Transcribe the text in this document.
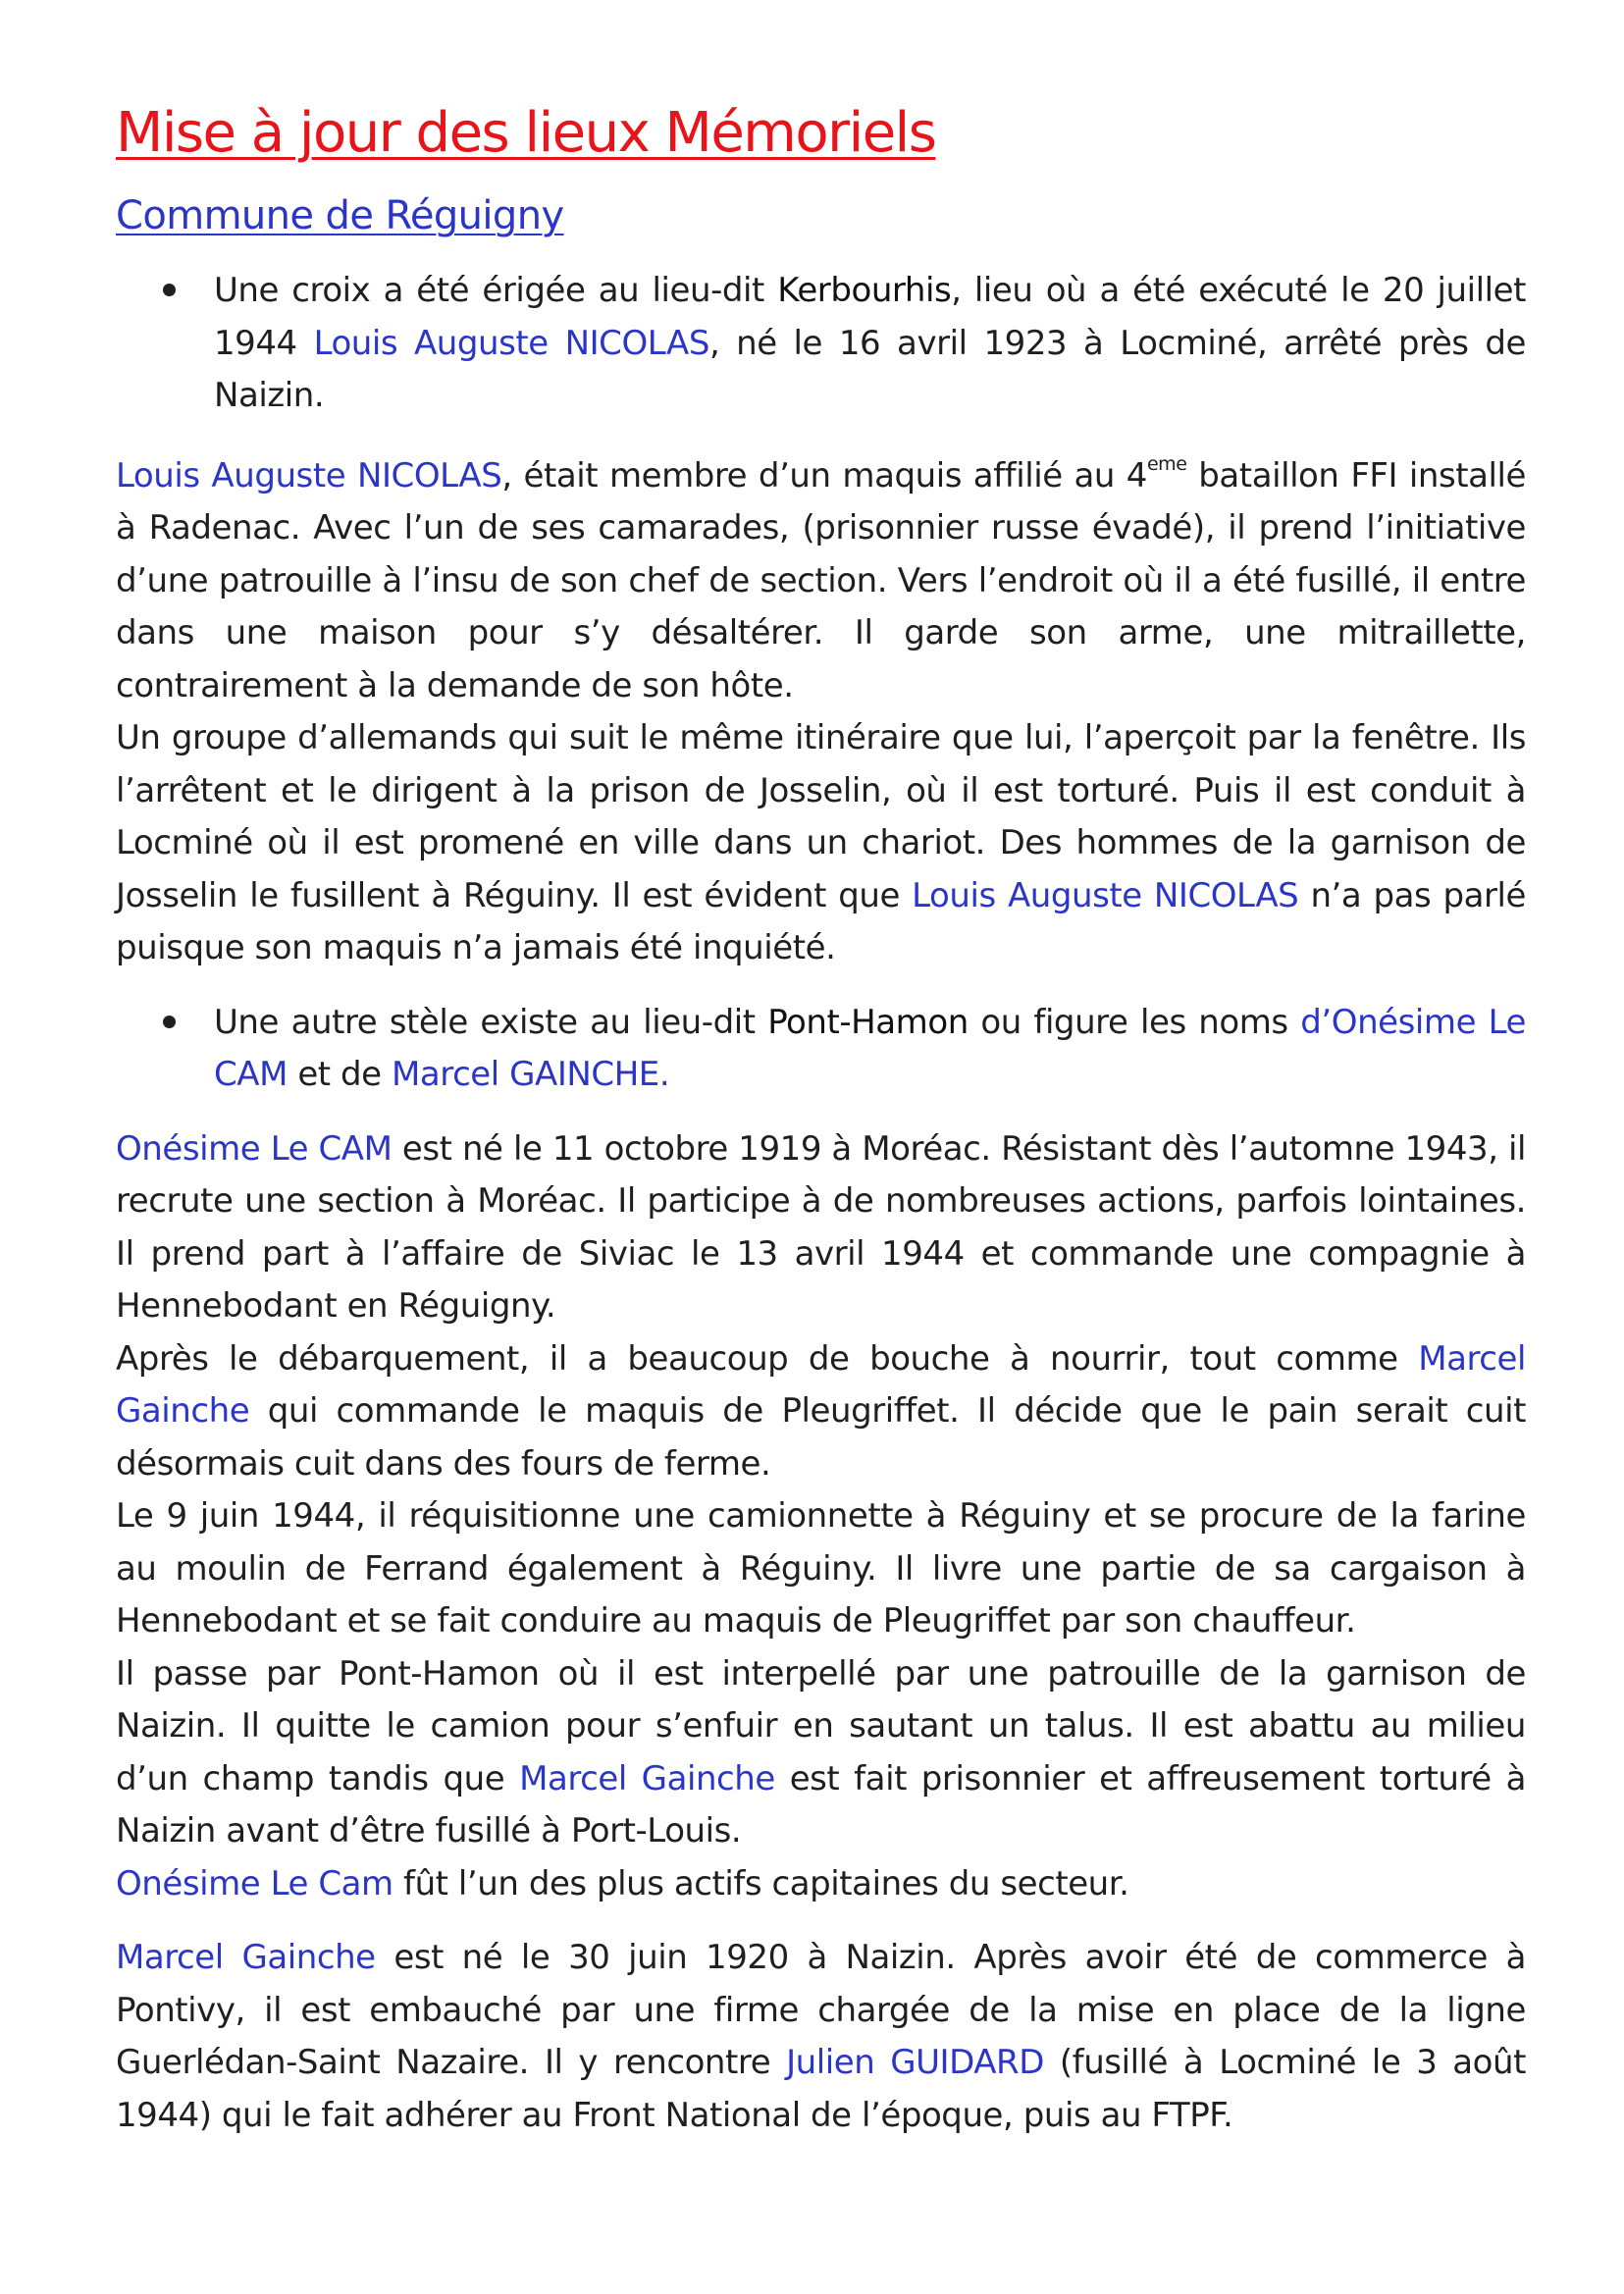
Mise à jour des lieux Mémoriels
Commune de Réguigny
Une croix a été érigée au lieu-dit Kerbourhis, lieu où a été exécuté le 20 juillet 1944 Louis Auguste NICOLAS, né le 16 avril 1923 à Locminé, arrêté près de Naizin.

Louis Auguste NICOLAS, était membre d’un maquis affilié au 4eme bataillon FFI installé à Radenac. Avec l’un de ses camarades, (prisonnier russe évadé), il prend l’initiative d’une patrouille à l’insu de son chef de section. Vers l’endroit où il a été fusillé, il entre dans une maison pour s’y désaltérer. Il garde son arme, une mitraillette, contrairement à la demande de son hôte.

Un groupe d’allemands qui suit le même itinéraire que lui, l’aperçoit par la fenêtre. Ils l’arrêtent et le dirigent à la prison de Josselin, où il est torturé. Puis il est conduit à Locminé où il est promené en ville dans un chariot. Des hommes de la garnison de Josselin le fusillent à Réguiny. Il est évident que Louis Auguste NICOLAS n’a pas parlé puisque son maquis n’a jamais été inquiété.

Une autre stèle existe au lieu-dit Pont-Hamon ou figure les noms d’Onésime Le CAM et de Marcel GAINCHE.

Onésime Le CAM est né le 11 octobre 1919 à Moréac. Résistant dès l’automne 1943, il recrute une section à Moréac. Il participe à de nombreuses actions, parfois lointaines. Il prend part à l’affaire de Siviac le 13 avril 1944 et commande une compagnie à Hennebodant en Réguigny.

Après le débarquement, il a beaucoup de bouche à nourrir, tout comme Marcel Gainche qui commande le maquis de Pleugriffet. Il décide que le pain serait cuit désormais cuit dans des fours de ferme.

Le 9 juin 1944, il réquisitionne une camionnette à Réguiny et se procure de la farine au moulin de Ferrand également à Réguiny. Il livre une partie de sa cargaison à Hennebodant et se fait conduire au maquis de Pleugriffet par son chauffeur.

Il passe par Pont-Hamon où il est interpellé par une patrouille de la garnison de Naizin. Il quitte le camion pour s’enfuir en sautant un talus. Il est abattu au milieu d’un champ tandis que Marcel Gainche est fait prisonnier et affreusement torturé à Naizin avant d’être fusillé à Port-Louis.

Onésime Le Cam fût l’un des plus actifs capitaines du secteur.

Marcel Gainche est né le 30 juin 1920 à Naizin. Après avoir été de commerce à Pontivy, il est embauché par une firme chargée de la mise en place de la ligne Guerlédan-Saint Nazaire. Il y rencontre Julien GUIDARD (fusillé à Locminé le 3 août 1944) qui le fait adhérer au Front National de l’époque, puis au FTPF.
